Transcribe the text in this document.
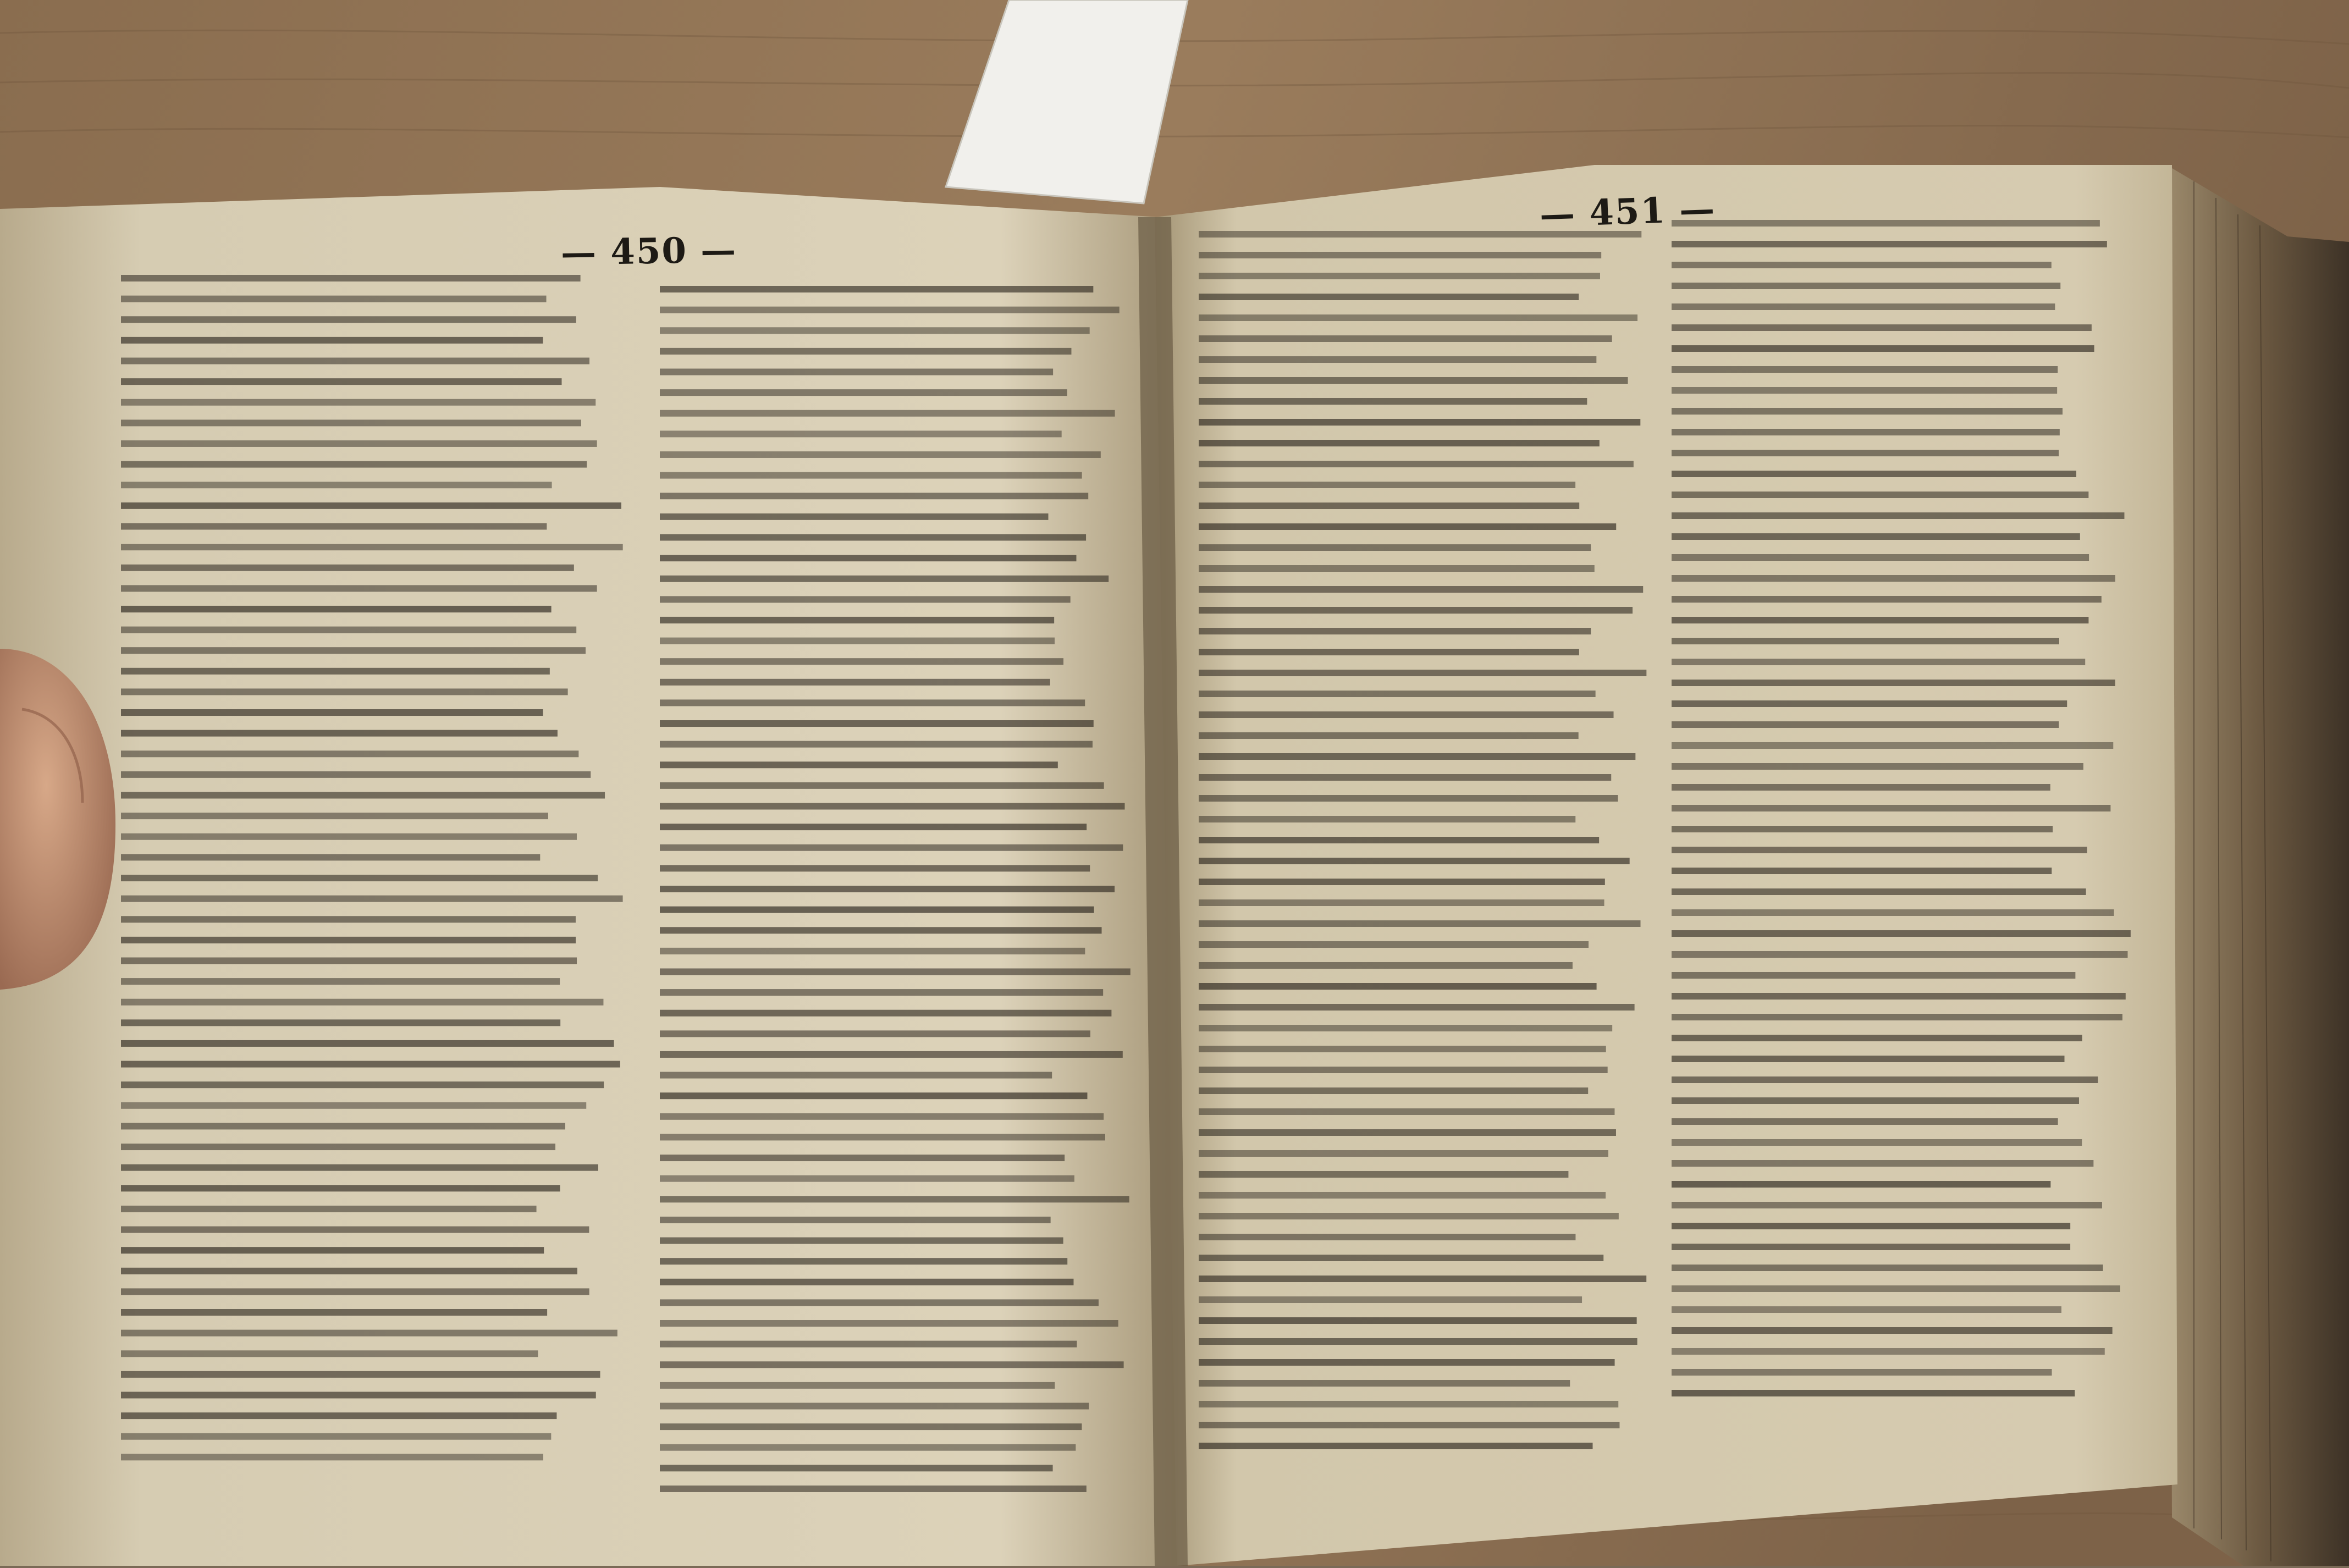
— 450 —
— 451 —
